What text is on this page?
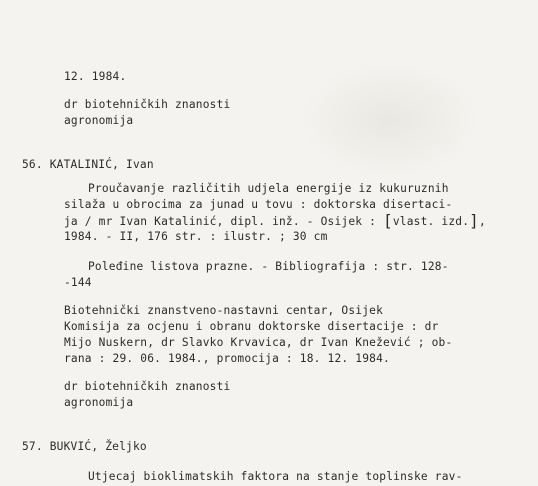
12. 1984.
dr biotehničkih znanosti
agronomija
56. KATALINIĆ, Ivan
Proučavanje različitih udjela energije iz kukuruznih
silaža u obrocima za junad u tovu : doktorska disertaci-
ja / mr Ivan Katalinić, dipl. inž. - Osijek : [vlast. izd.],
1984. - II, 176 str. : ilustr. ; 30 cm
Poleđine listova prazne. - Bibliografija : str. 128-
-144
Biotehnički znanstveno-nastavni centar, Osijek
Komisija za ocjenu i obranu doktorske disertacije : dr
Mijo Nuskern, dr Slavko Krvavica, dr Ivan Knežević ; ob-
rana : 29. 06. 1984., promocija : 18. 12. 1984.
dr biotehničkih znanosti
agronomija
57. BUKVIĆ, Željko
Utjecaj bioklimatskih faktora na stanje toplinske rav-
